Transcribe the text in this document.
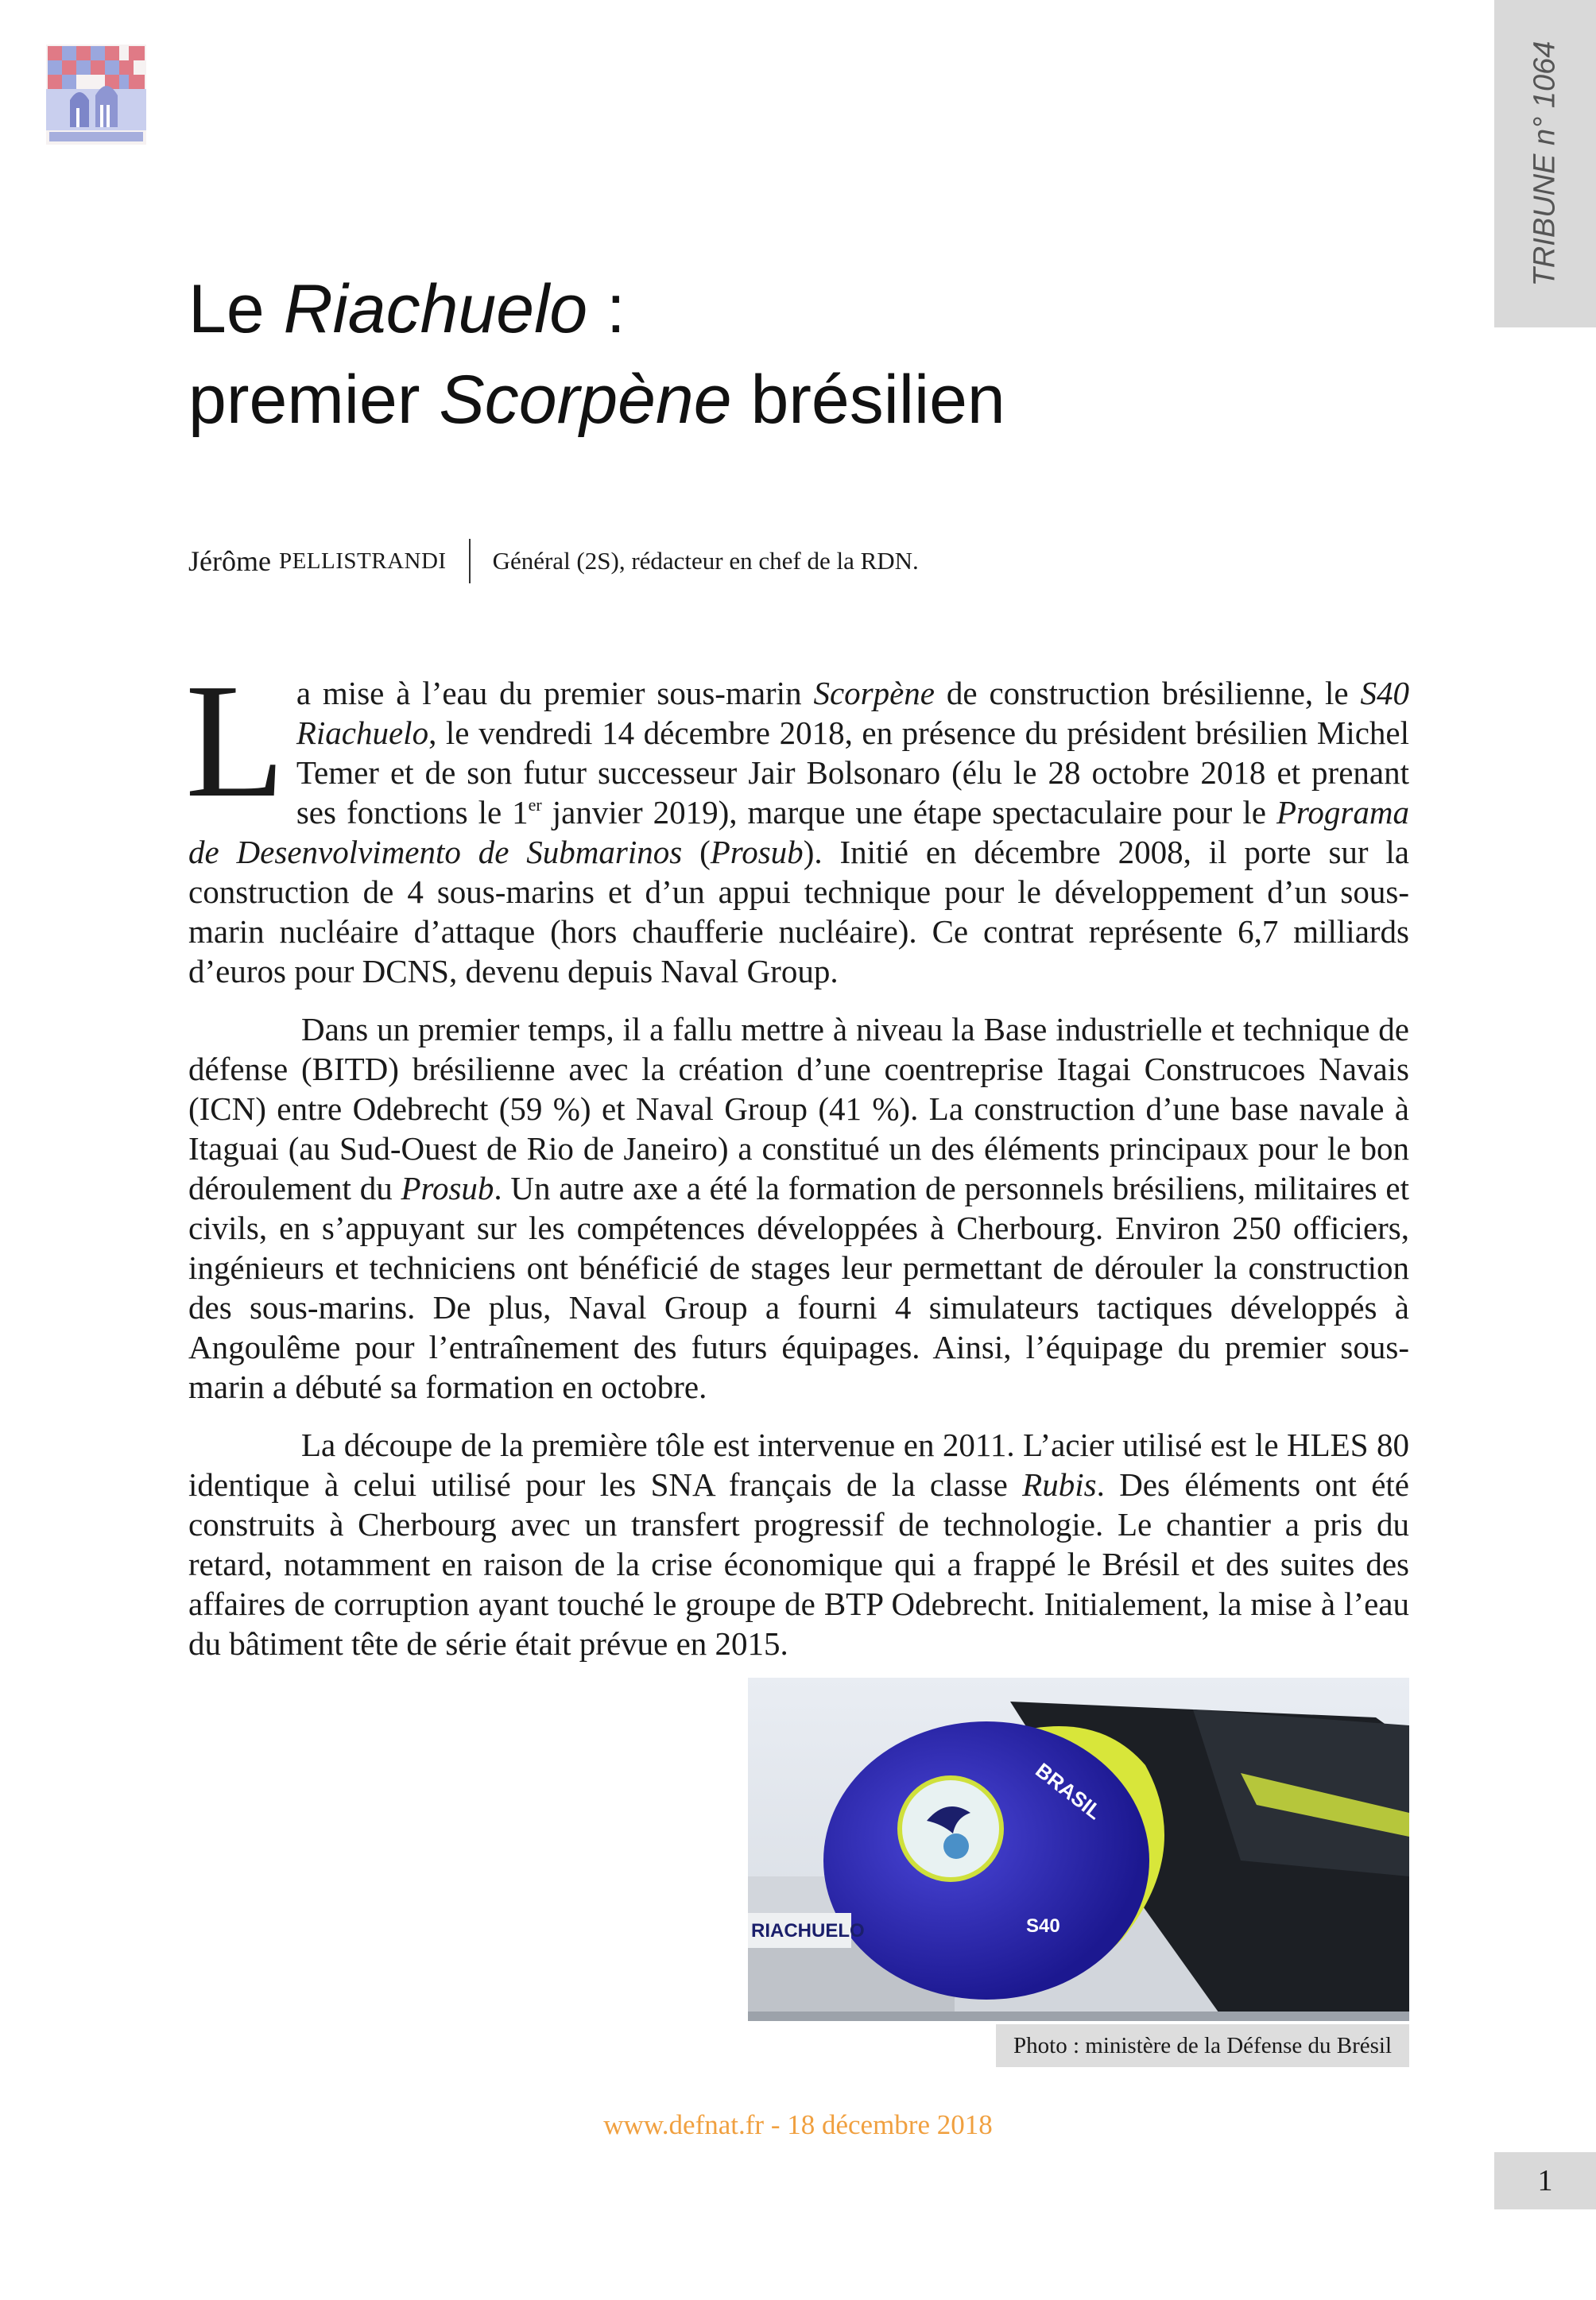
TRIBUNE n° 1064
Le Riachuelo :
premier Scorpène brésilien
Jérôme PELLISTRANDI Général (2S), rédacteur en chef de la RDN.

La mise à l’eau du premier sous-marin Scorpène de construction brésilienne, le S40 Riachuelo, le vendredi 14 décembre 2018, en présence du président brésilien Michel Temer et de son futur successeur Jair Bolsonaro (élu le 28 octobre 2018 et prenant ses fonctions le 1er janvier 2019), marque une étape spectaculaire pour le Programa de Desenvolvimento de Submarinos (Prosub). Initié en décembre 2008, il porte sur la construction de 4 sous-marins et d’un appui technique pour le développement d’un sous-marin nucléaire d’attaque (hors chaufferie nucléaire). Ce contrat représente 6,7 milliards d’euros pour DCNS, devenu depuis Naval Group.

Dans un premier temps, il a fallu mettre à niveau la Base industrielle et technique de défense (BITD) brésilienne avec la création d’une coentreprise Itagai Construcoes Navais (ICN) entre Odebrecht (59 %) et Naval Group (41 %). La construction d’une base navale à Itaguai (au Sud-Ouest de Rio de Janeiro) a constitué un des éléments principaux pour le bon déroulement du Prosub. Un autre axe a été la formation de personnels brésiliens, militaires et civils, en s’appuyant sur les compétences développées à Cherbourg. Environ 250 officiers, ingénieurs et techniciens ont bénéficié de stages leur permettant de dérouler la construction des sous-marins. De plus, Naval Group a fourni 4 simulateurs tactiques développés à Angoulême pour l’entraînement des futurs équipages. Ainsi, l’équipage du premier sous-marin a débuté sa formation en octobre.

La découpe de la première tôle est intervenue en 2011. L’acier utilisé est le HLES 80 identique à celui utilisé pour les SNA français de la classe Rubis. Des éléments ont été construits à Cherbourg avec un transfert progressif de technologie. Le chantier a pris du retard, notamment en raison de la crise économique qui a frappé le Brésil et des suites des affaires de corruption ayant touché le groupe de BTP Odebrecht. Initialement, la mise à l’eau du bâtiment tête de série était prévue en 2015.

BRASIL
S40
RIACHUELO
Photo : ministère de la Défense du Brésil
www.defnat.fr - 18 décembre 2018
1
